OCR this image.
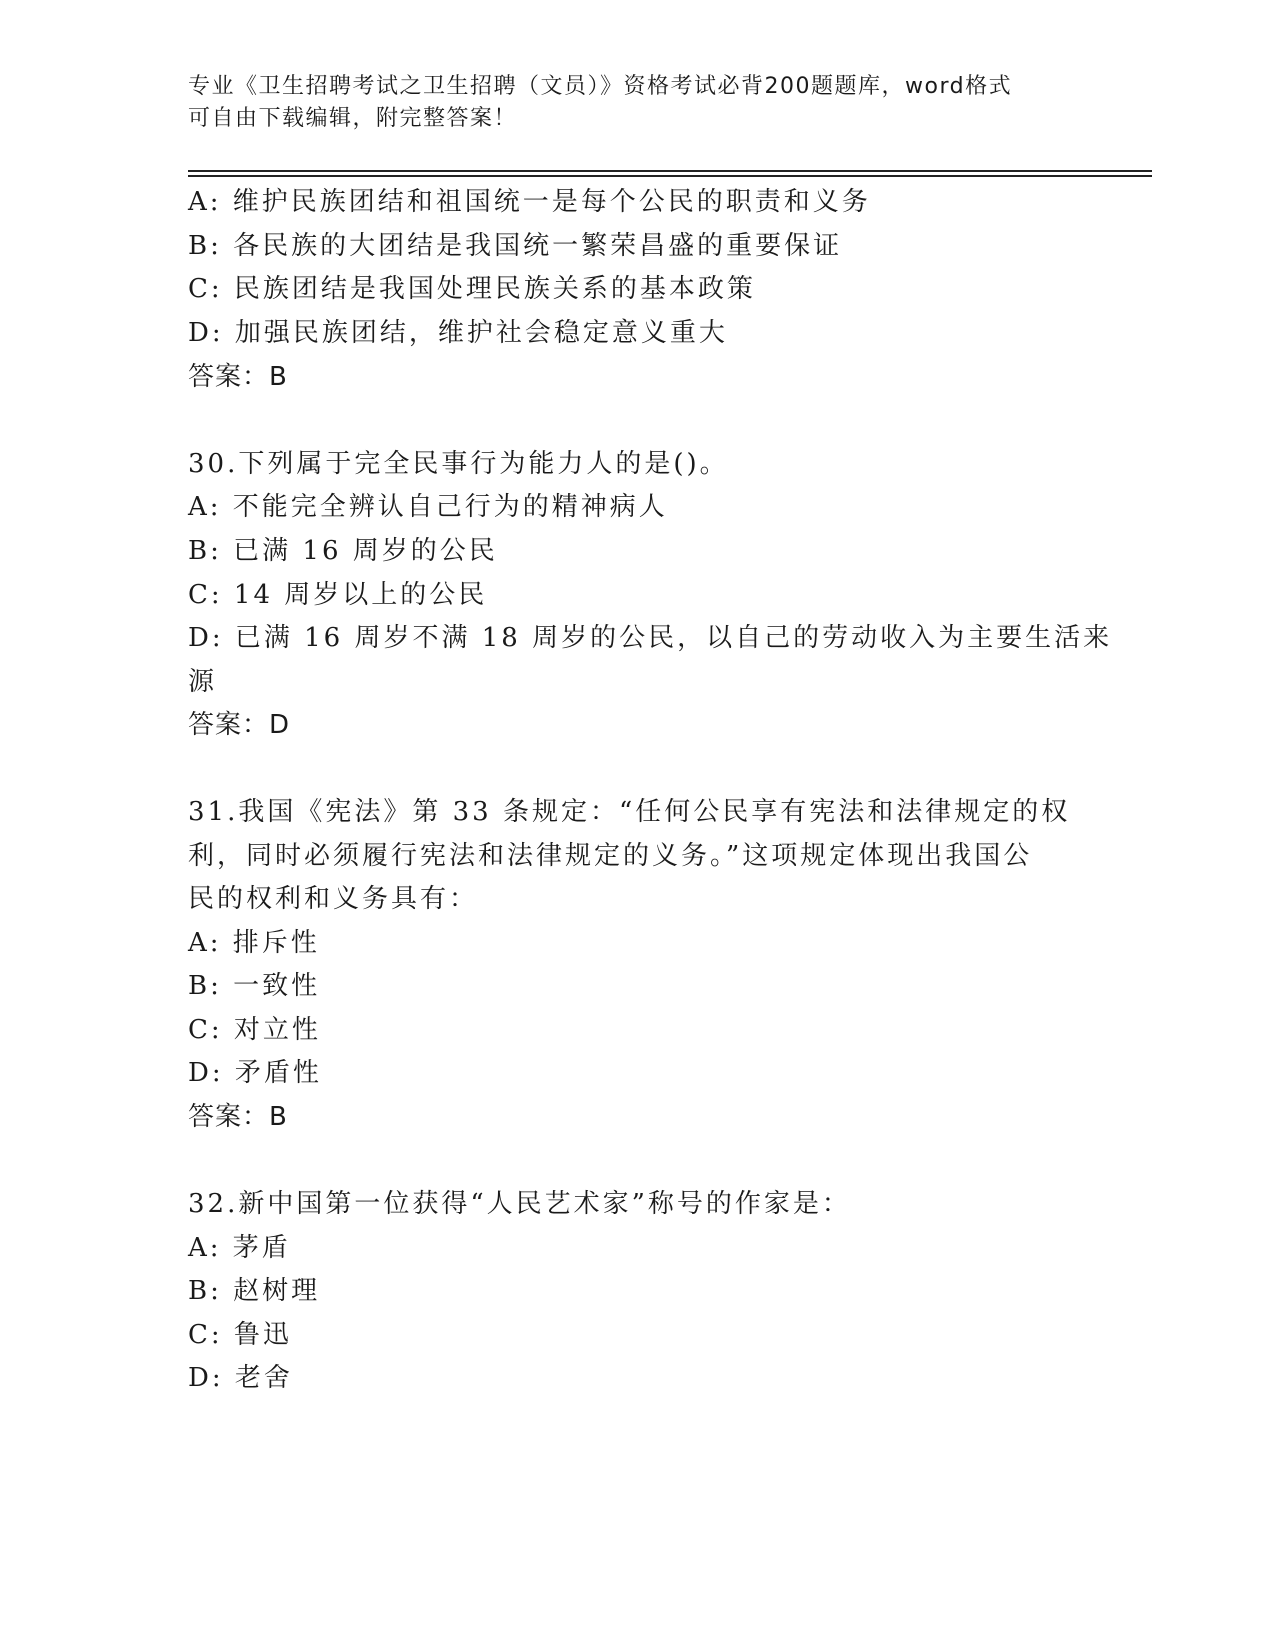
专业《卫生招聘考试之卫生招聘（文员）》资格考试必背200题题库，word格式
可自由下载编辑，附完整答案！
A: 维护民族团结和祖国统一是每个公民的职责和义务
B: 各民族的大团结是我国统一繁荣昌盛的重要保证
C: 民族团结是我国处理民族关系的基本政策
D: 加强民族团结，维护社会稳定意义重大
答案：B
30.下列属于完全民事行为能力人的是()。
A: 不能完全辨认自己行为的精神病人
B: 已满 16 周岁的公民
C: 14 周岁以上的公民
D: 已满 16 周岁不满 18 周岁的公民，以自己的劳动收入为主要生活来
源
答案：D
31.我国《宪法》第 33 条规定：“任何公民享有宪法和法律规定的权
利，同时必须履行宪法和法律规定的义务。”这项规定体现出我国公
民的权利和义务具有：
A: 排斥性
B: 一致性
C: 对立性
D: 矛盾性
答案：B
32.新中国第一位获得“人民艺术家”称号的作家是：
A: 茅盾
B: 赵树理
C: 鲁迅
D: 老舍
